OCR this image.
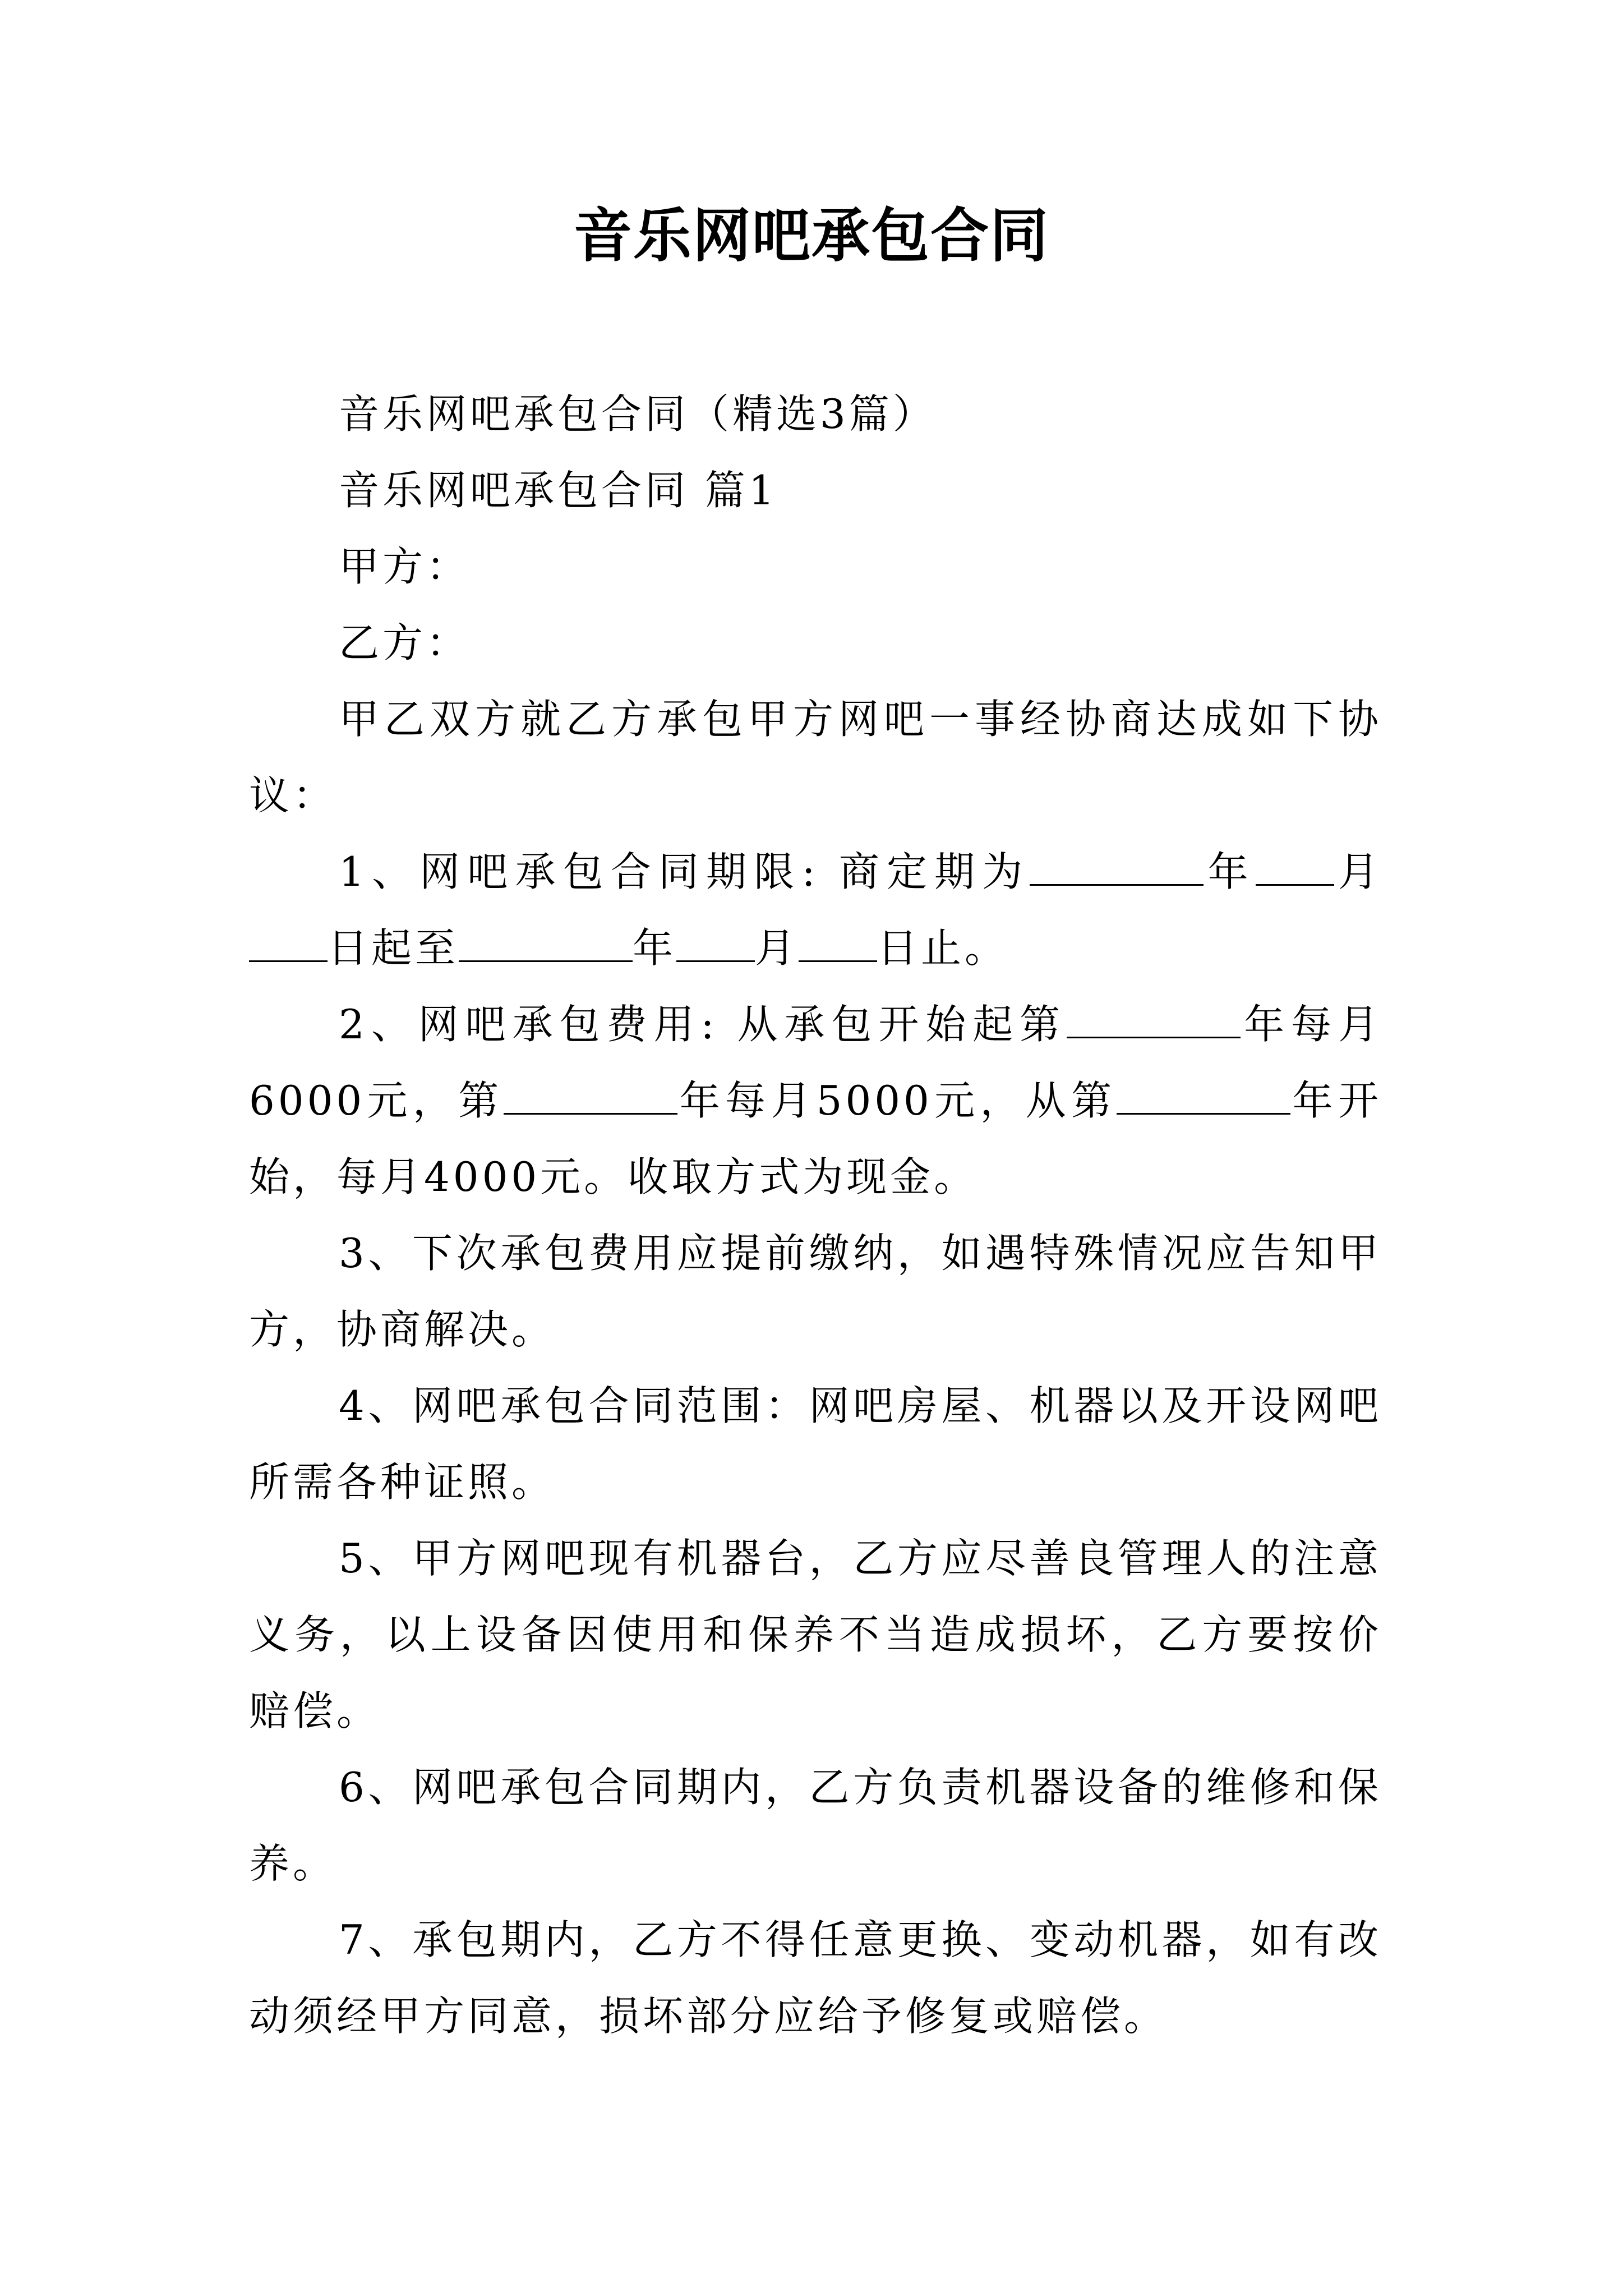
音乐网吧承包合同

音乐网吧承包合同（精选3篇）

音乐网吧承包合同 篇1

甲方：

乙方：

甲乙双方就乙方承包甲方网吧一事经协商达成如下协议：

1、网吧承包合同期限: 商定期为	年 月日起至	年 月 日止。

2、网吧承包费用: 从承包开始起第	年每月6000元，第	年每月5000元，从第	年开始，每月4000元。收取方式为现金。

3、下次承包费用应提前缴纳，如遇特殊情况应告知甲方，协商解决。

4、网吧承包合同范围：网吧房屋、机器以及开设网吧所需各种证照。

5、甲方网吧现有机器台，乙方应尽善良管理人的注意义务，以上设备因使用和保养不当造成损坏，乙方要按价赔偿。

6、网吧承包合同期内，乙方负责机器设备的维修和保养。

7、承包期内，乙方不得任意更换、变动机器，如有改动须经甲方同意，损坏部分应给予修复或赔偿。
